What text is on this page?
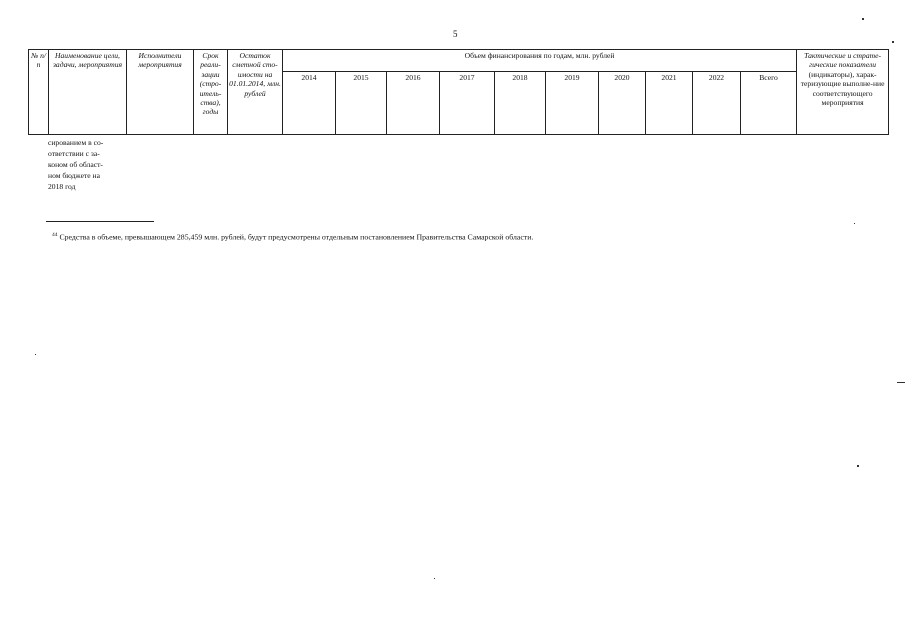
5
№ п/п	Наименование цели, задачи, мероприятия	Исполнители мероприятия	Срок реали-зации (стро-итель-ства), годы	Остаток сметной сто-имости на 01.01.2014, млн. рублей	Объем финансирования по годам, млн. рублей										Тактические и страте-гические показатели (индикаторы), харак-теризующие выполне-ние соответствующего мероприятия
					2014	2015	2016	2017	2018	2019	2020	2021	2022	Всего	
сированием в со-
ответствии с за-
коном об област-
ном бюджете на
2018 год
$^{44}$ Средства в объеме, превышающем 285,459 млн. рублей, будут предусмотрены отдельным постановлением Правительства Самарской области.
